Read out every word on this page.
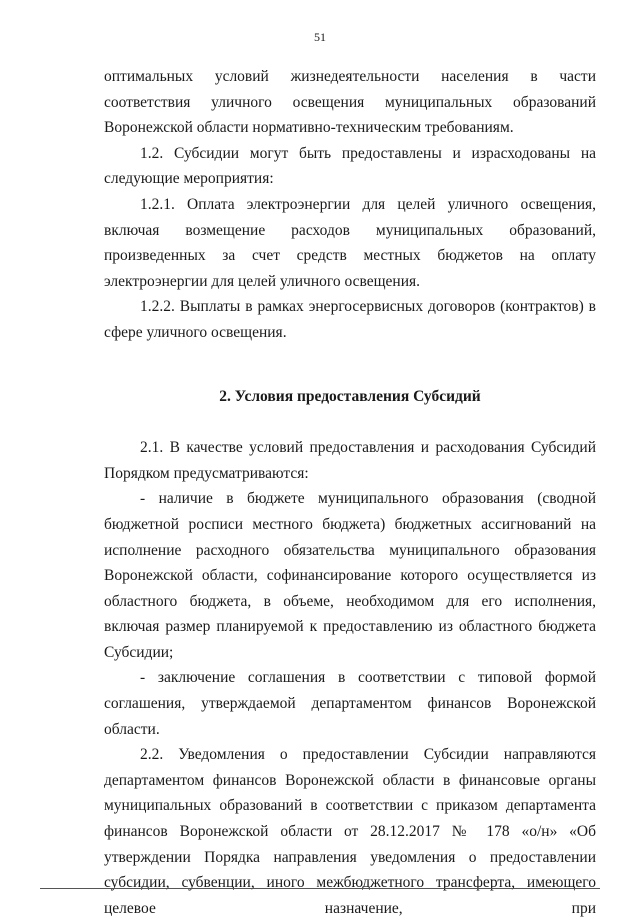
51

оптимальных условий жизнедеятельности населения в части соответствия уличного освещения муниципальных образований Воронежской области нормативно-техническим требованиям.

1.2. Субсидии могут быть предоставлены и израсходованы на следующие мероприятия:

1.2.1. Оплата электроэнергии для целей уличного освещения, включая возмещение расходов муниципальных образований, произведенных за счет средств местных бюджетов на оплату электроэнергии для целей уличного освещения.

1.2.2. Выплаты в рамках энергосервисных договоров (контрактов) в сфере уличного освещения.

2. Условия предоставления Субсидий

2.1. В качестве условий предоставления и расходования Субсидий Порядком предусматриваются:

- наличие в бюджете муниципального образования (сводной бюджетной росписи местного бюджета) бюджетных ассигнований на исполнение расходного обязательства муниципального образования Воронежской области, софинансирование которого осуществляется из областного бюджета, в объеме, необходимом для его исполнения, включая размер планируемой к предоставлению из областного бюджета Субсидии;

- заключение соглашения в соответствии с типовой формой соглашения, утверждаемой департаментом финансов Воронежской области.

2.2. Уведомления о предоставлении Субсидии направляются департаментом финансов Воронежской области в финансовые органы муниципальных образований в соответствии с приказом департамента финансов Воронежской области от 28.12.2017 № 178 «о/н» «Об утверждении Порядка направления уведомления о предоставлении субсидии, субвенции, иного межбюджетного трансферта, имеющего целевое назначение, при
